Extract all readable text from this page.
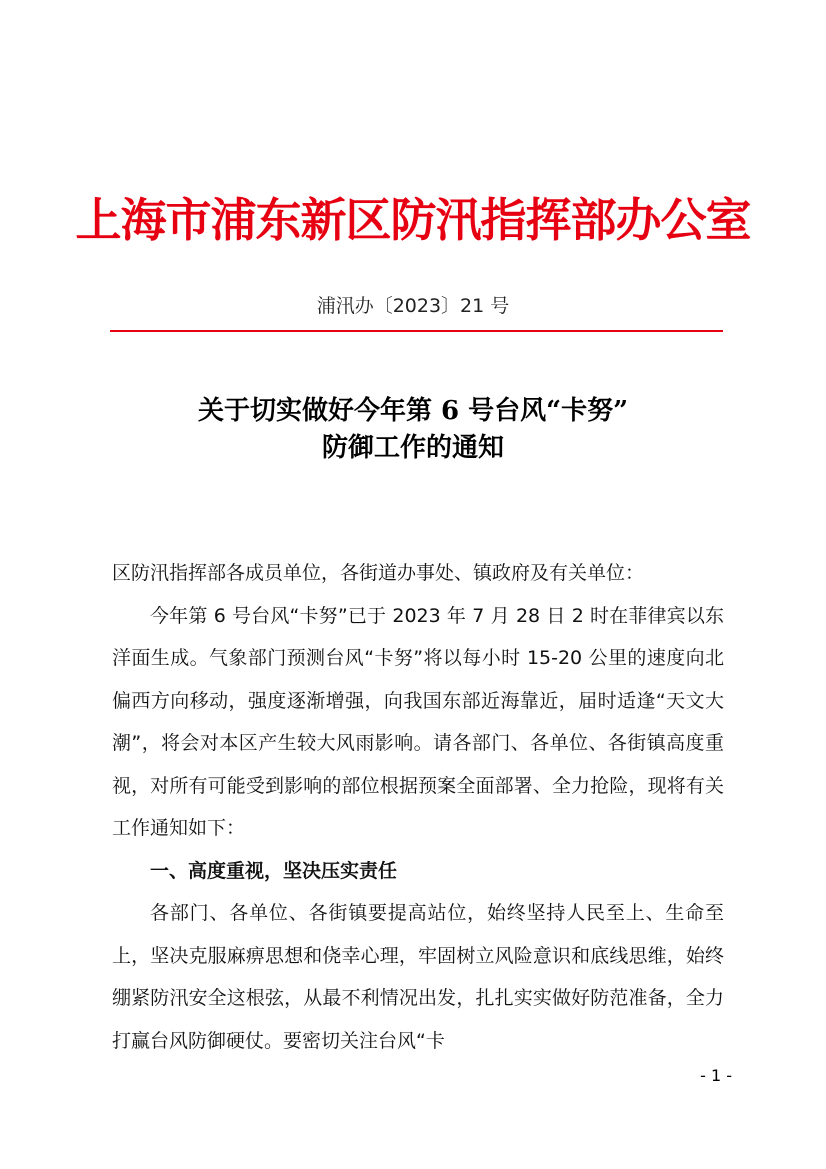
上海市浦东新区防汛指挥部办公室
浦汛办〔2023〕21 号
关于切实做好今年第 6 号台风“卡努”
防御工作的通知

区防汛指挥部各成员单位，各街道办事处、镇政府及有关单位：

今年第 6 号台风“卡努”已于 2023 年 7 月 28 日 2 时在菲律宾以东洋面生成。气象部门预测台风“卡努”将以每小时 15-20 公里的速度向北偏西方向移动，强度逐渐增强，向我国东部近海靠近，届时适逢“天文大潮”，将会对本区产生较大风雨影响。请各部门、各单位、各街镇高度重视，对所有可能受到影响的部位根据预案全面部署、全力抢险，现将有关工作通知如下：

一、高度重视，坚决压实责任

各部门、各单位、各街镇要提高站位，始终坚持人民至上、生命至上，坚决克服麻痹思想和侥幸心理，牢固树立风险意识和底线思维，始终绷紧防汛安全这根弦，从最不利情况出发，扎扎实实做好防范准备，全力打赢台风防御硬仗。要密切关注台风“卡

- 1 -
